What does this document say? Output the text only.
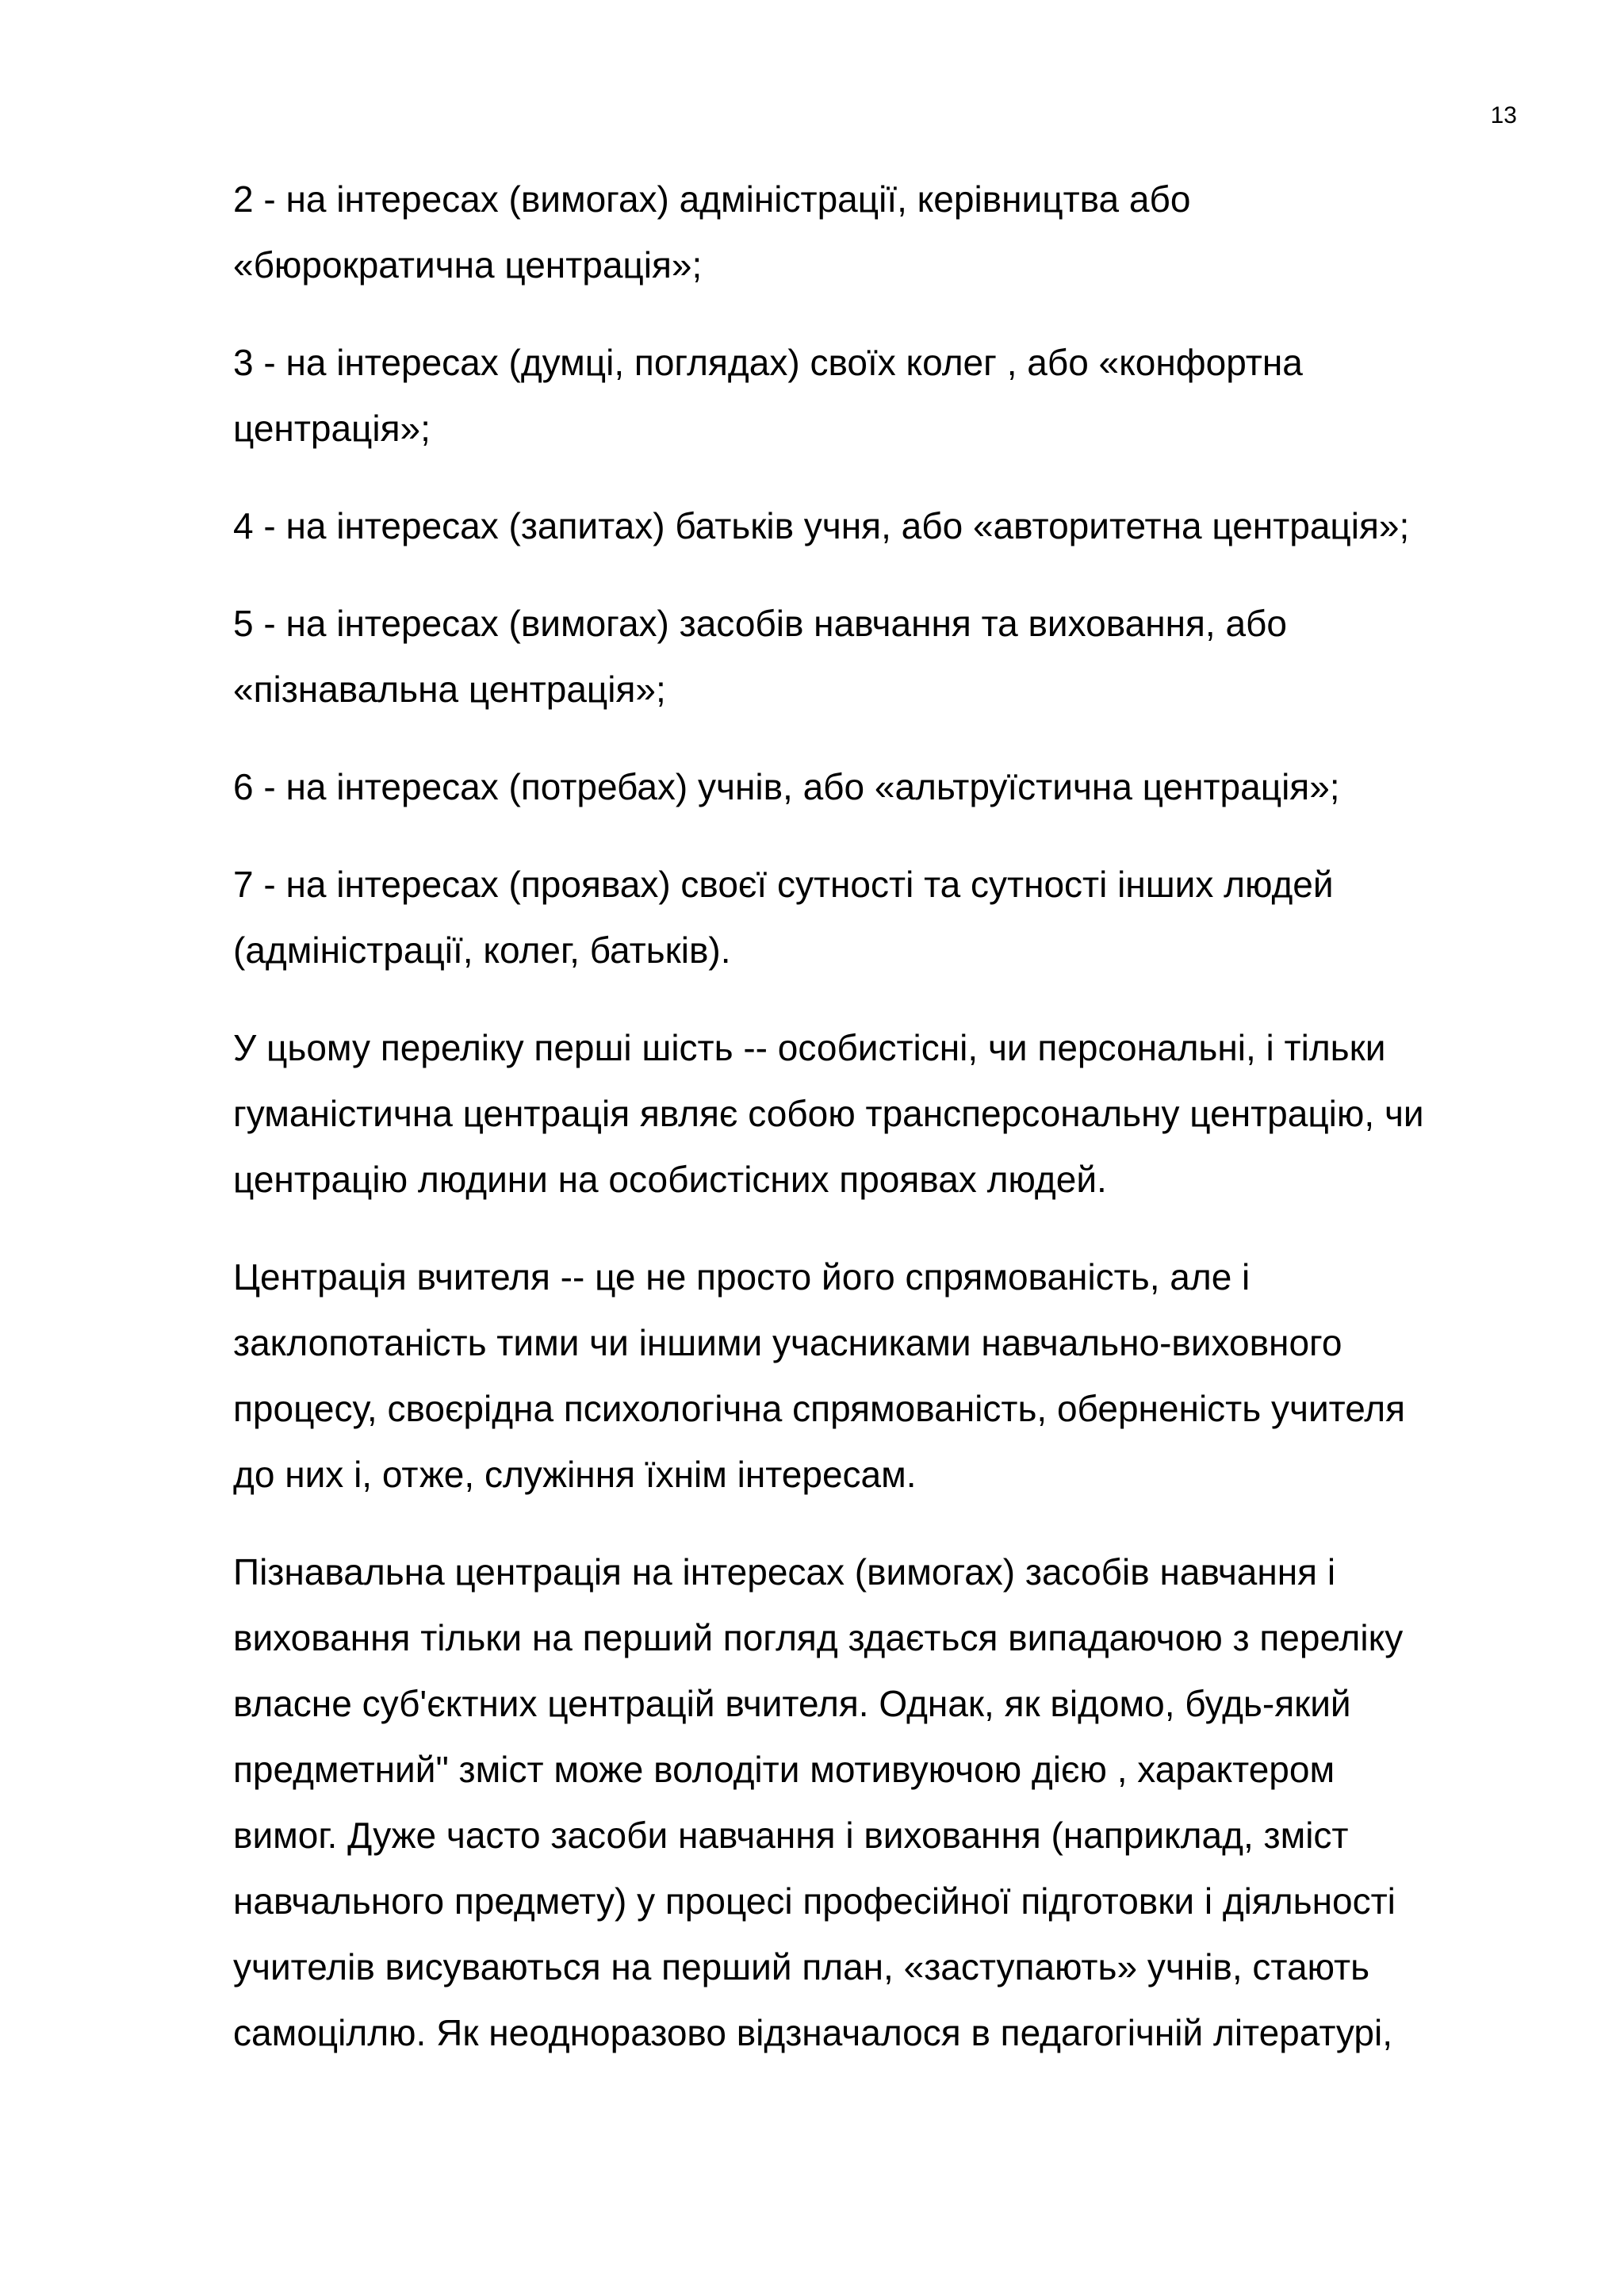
13

2 - на інтересах (вимогах) адміністрації, керівництва або
«бюрократична центрація»;

3 - на інтересах (думці, поглядах) своїх колег , або «конфортна
центрація»;

4 - на інтересах (запитах) батьків учня, або «авторитетна центрація»;

5 - на інтересах (вимогах) засобів навчання та виховання, або
«пізнавальна центрація»;

6 - на інтересах (потребах) учнів, або «альтруїстична центрація»;

7 - на інтересах (проявах) своєї сутності та сутності інших людей
(адміністрації, колег, батьків).

У цьому переліку перші шість -- особистісні, чи персональні, і тільки
гуманістична центрація являє собою трансперсональну центрацію, чи
центрацію людини на особистісних проявах людей.

Центрація вчителя -- це не просто його спрямованість, але і
заклопотаність тими чи іншими учасниками навчально-виховного
процесу, своєрідна психологічна спрямованість, оберненість учителя
до них і, отже, служіння їхнім інтересам.

Пізнавальна центрація на інтересах (вимогах) засобів навчання і
виховання тільки на перший погляд здається випадаючою з переліку
власне суб'єктних центрацій вчителя. Однак, як відомо, будь-який
предметний" зміст може володіти мотивуючою дією , характером
вимог. Дуже часто засоби навчання і виховання (наприклад, зміст
навчального предмету) у процесі професійної підготовки і діяльності
учителів висуваються на перший план, «заступають» учнів, стають
самоціллю. Як неодноразово відзначалося в педагогічній літературі,
